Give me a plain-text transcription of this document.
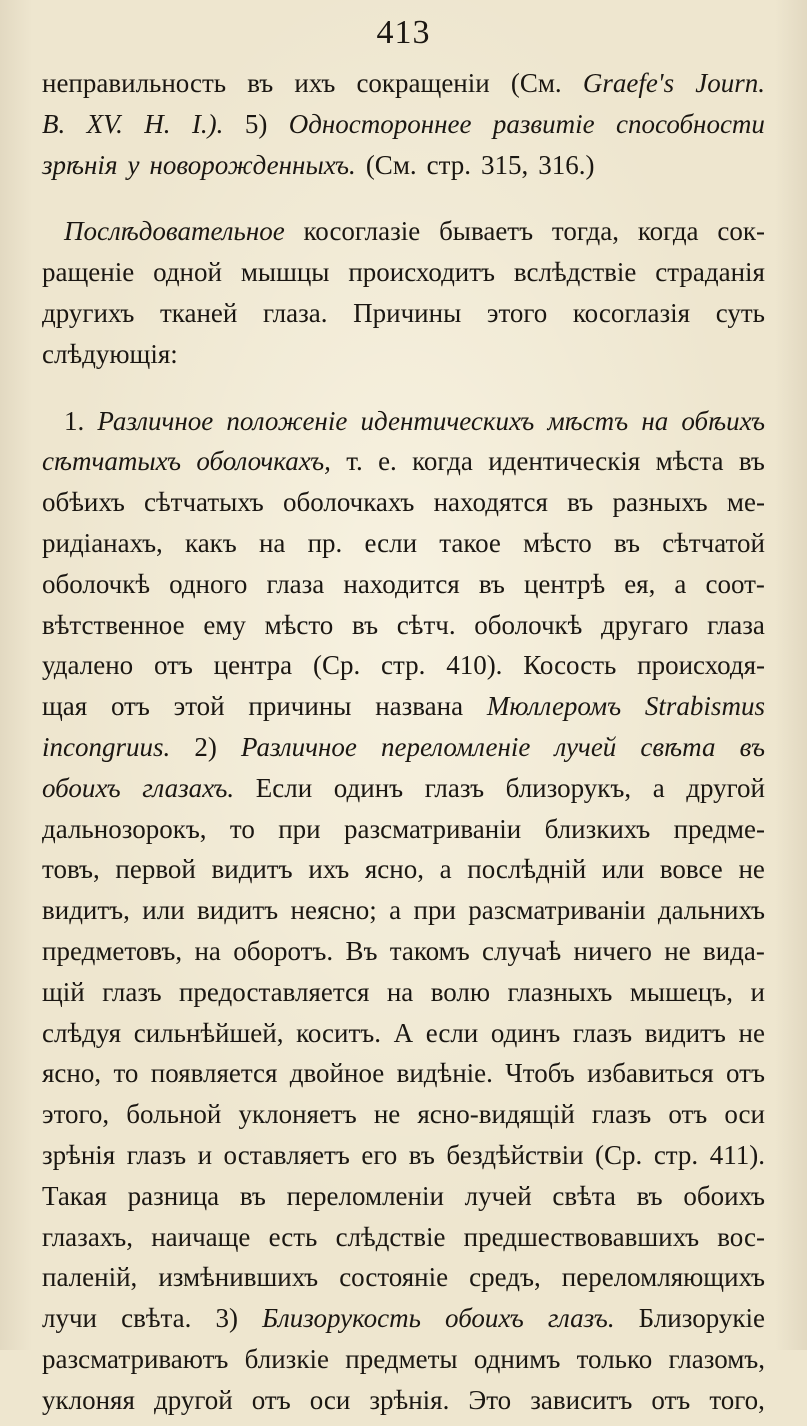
413
неправильность въ ихъ сокращеніи (См. Graefe's Journ.
B. XV. H. I.). 5) Одностороннее развитіе способности
зрѣнія у новорожденныхъ. (См. стр. 315, 316.)
Послѣдовательное косоглазіе бываетъ тогда, когда сок-
ращеніе одной мышцы происходитъ вслѣдствіе страданія
другихъ тканей глаза. Причины этого косоглазія суть
слѣдующія:
1. Различное положеніе идентическихъ мѣстъ на обѣихъ
сѣтчатыхъ оболочкахъ, т. е. когда идентическія мѣста въ
обѣихъ сѣтчатыхъ оболочкахъ находятся въ разныхъ ме-
ридіанахъ, какъ на пр. если такое мѣсто въ сѣтчатой
оболочкѣ одного глаза находится въ центрѣ ея, а соот-
вѣтственное ему мѣсто въ сѣтч. оболочкѣ другаго глаза
удалено отъ центра (Ср. стр. 410). Косость происходя-
щая отъ этой причины названа Мюллеромъ Strabismus
incongruus. 2) Различное переломленіе лучей свѣта въ
обоихъ глазахъ. Если одинъ глазъ близорукъ, а другой
дальнозорокъ, то при разсматриваніи близкихъ предме-
товъ, первой видитъ ихъ ясно, а послѣдній или вовсе не
видитъ, или видитъ неясно; а при разсматриваніи дальнихъ
предметовъ, на оборотъ. Въ такомъ случаѣ ничего не вида-
щій глазъ предоставляется на волю глазныхъ мышецъ, и
слѣдуя сильнѣйшей, коситъ. А если одинъ глазъ видитъ не
ясно, то появляется двойное видѣніе. Чтобъ избавиться отъ
этого, больной уклоняетъ не ясно-видящій глазъ отъ оси
зрѣнія глазъ и оставляетъ его въ бездѣйствіи (Ср. стр. 411).
Такая разница въ переломленіи лучей свѣта въ обоихъ
глазахъ, наичаще есть слѣдствіе предшествовавшихъ вос-
паленій, измѣнившихъ состояніе средъ, переломляющихъ
лучи свѣта. 3) Близорукость обоихъ глазъ. Близорукіе
разсматриваютъ близкіе предметы однимъ только глазомъ,
уклоняя другой отъ оси зрѣнія. Это зависитъ отъ того,
